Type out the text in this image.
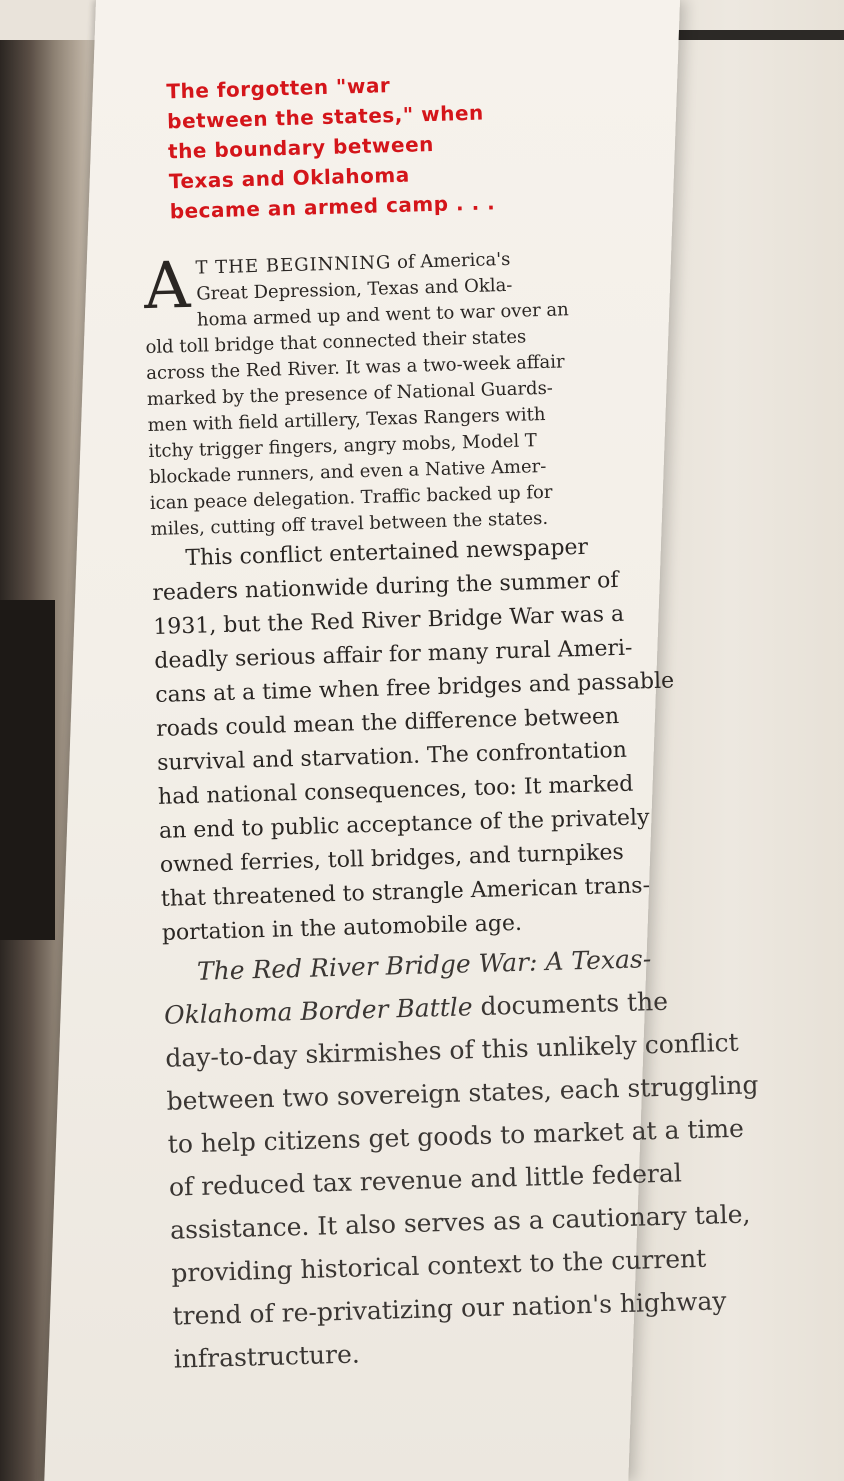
The forgotten "war
between the states," when
the boundary between
Texas and Oklahoma
became an armed camp . . .

A T THE BEGINNING of America's
Great Depression, Texas and Okla-
homa armed up and went to war over an
old toll bridge that connected their states
across the Red River. It was a two-week affair
marked by the presence of National Guards-
men with field artillery, Texas Rangers with
itchy trigger fingers, angry mobs, Model T
blockade runners, and even a Native Amer-
ican peace delegation. Traffic backed up for
miles, cutting off travel between the states.

This conflict entertained newspaper
readers nationwide during the summer of
1931, but the Red River Bridge War was a
deadly serious affair for many rural Ameri-
cans at a time when free bridges and passable
roads could mean the difference between
survival and starvation. The confrontation
had national consequences, too: It marked
an end to public acceptance of the privately
owned ferries, toll bridges, and turnpikes
that threatened to strangle American trans-
portation in the automobile age.

The Red River Bridge War: A Texas-
Oklahoma Border Battle documents the
day-to-day skirmishes of this unlikely conflict
between two sovereign states, each struggling
to help citizens get goods to market at a time
of reduced tax revenue and little federal
assistance. It also serves as a cautionary tale,
providing historical context to the current
trend of re-privatizing our nation's highway
infrastructure.
